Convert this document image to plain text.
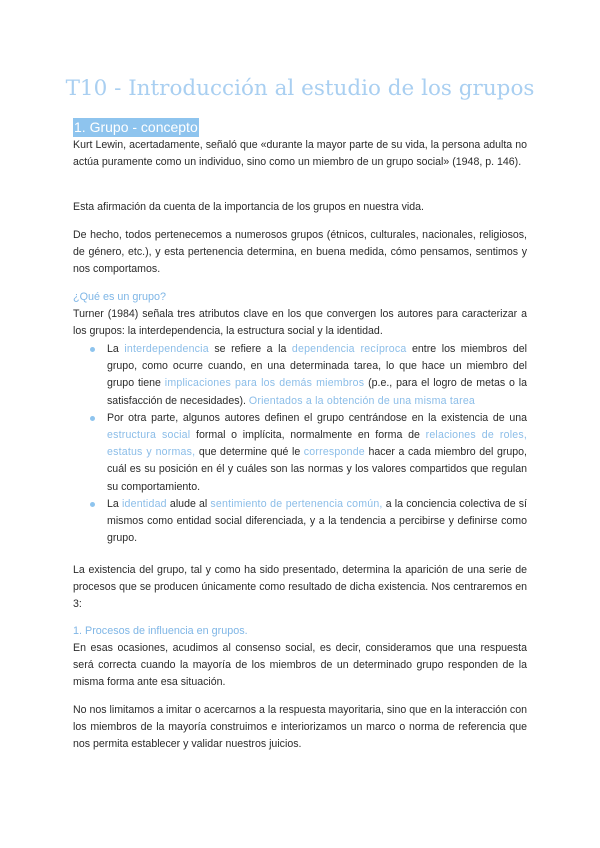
T10 - Introducción al estudio de los grupos
1. Grupo - concepto

Kurt Lewin, acertadamente, señaló que «durante la mayor parte de su vida, la persona adulta no actúa puramente como un individuo, sino como un miembro de un grupo social» (1948, p. 146).

Esta afirmación da cuenta de la importancia de los grupos en nuestra vida.

De hecho, todos pertenecemos a numerosos grupos (étnicos, culturales, nacionales, religiosos, de género, etc.), y esta pertenencia determina, en buena medida, cómo pensamos, sentimos y nos comportamos.

¿Qué es un grupo?

Turner (1984) señala tres atributos clave en los que convergen los autores para caracterizar a los grupos: la interdependencia, la estructura social y la identidad.

La interdependencia se refiere a la dependencia recíproca entre los miembros del grupo, como ocurre cuando, en una determinada tarea, lo que hace un miembro del grupo tiene implicaciones para los demás miembros (p.e., para el logro de metas o la satisfacción de necesidades). Orientados a la obtención de una misma tarea
Por otra parte, algunos autores definen el grupo centrándose en la existencia de una estructura social formal o implícita, normalmente en forma de relaciones de roles, estatus y normas, que determine qué le corresponde hacer a cada miembro del grupo, cuál es su posición en él y cuáles son las normas y los valores compartidos que regulan su comportamiento.
La identidad alude al sentimiento de pertenencia común, a la conciencia colectiva de sí mismos como entidad social diferenciada, y a la tendencia a percibirse y definirse como grupo.

La existencia del grupo, tal y como ha sido presentado, determina la aparición de una serie de procesos que se producen únicamente como resultado de dicha existencia. Nos centraremos en 3:

1. Procesos de influencia en grupos.

En esas ocasiones, acudimos al consenso social, es decir, consideramos que una respuesta será correcta cuando la mayoría de los miembros de un determinado grupo responden de la misma forma ante esa situación.

No nos limitamos a imitar o acercarnos a la respuesta mayoritaria, sino que en la interacción con los miembros de la mayoría construimos e interiorizamos un marco o norma de referencia que nos permita establecer y validar nuestros juicios.
